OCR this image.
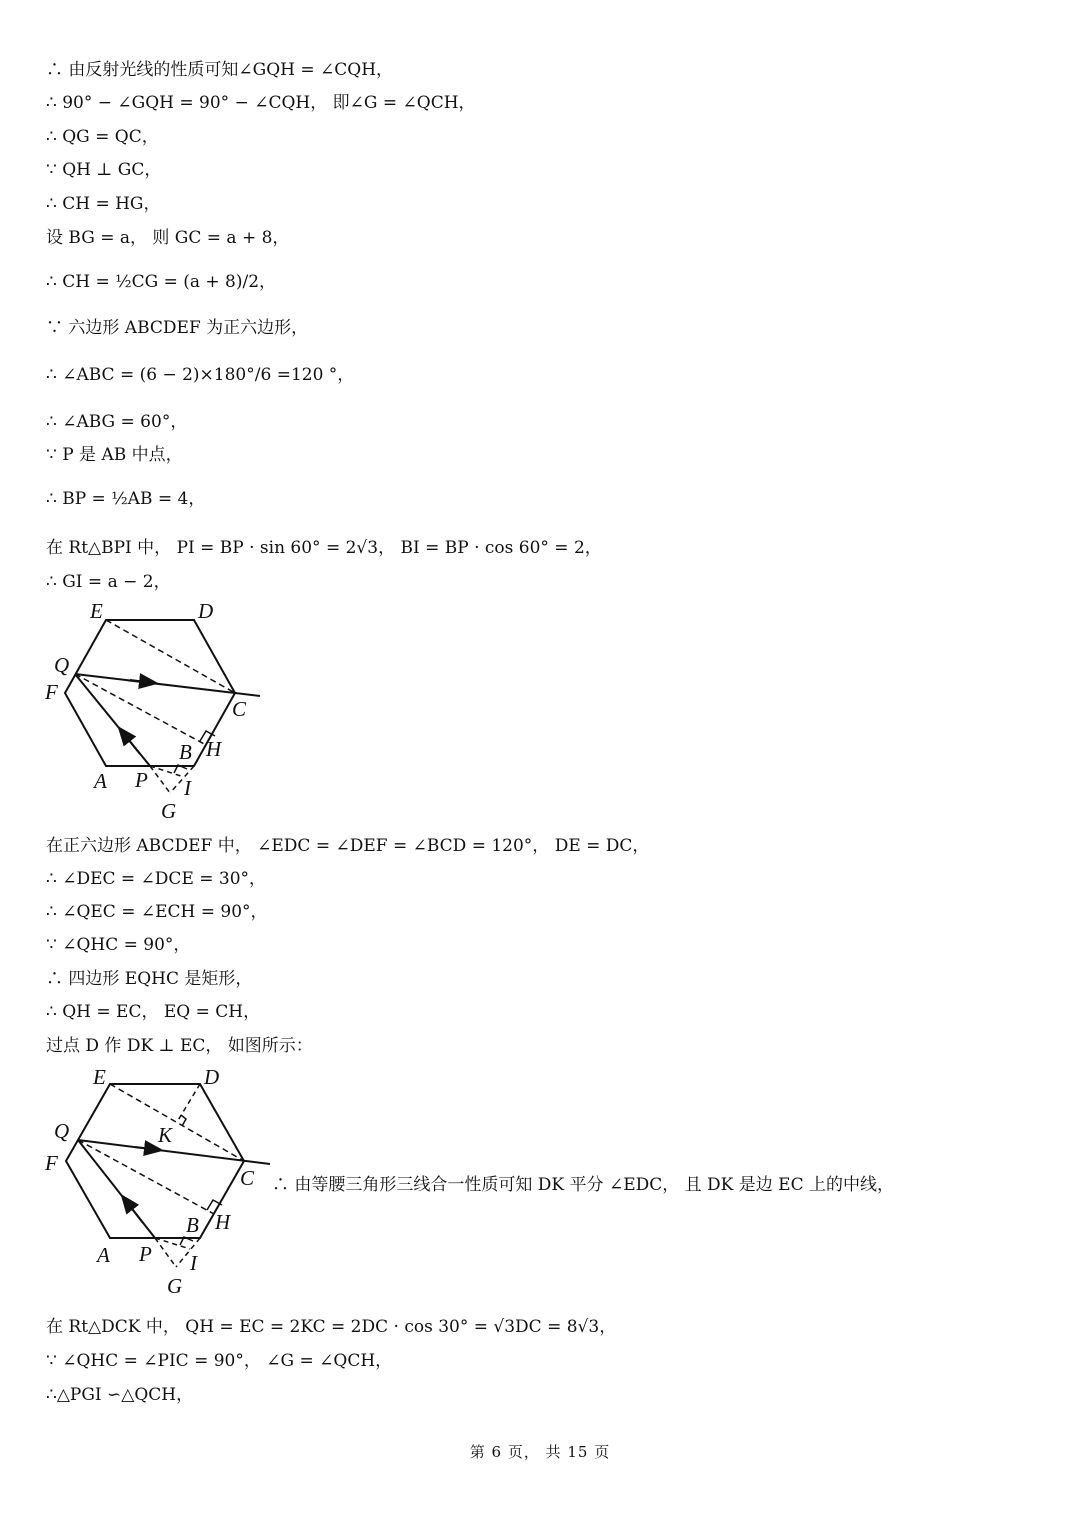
∴ 由反射光线的性质可知∠GQH = ∠CQH，
∴ 90° − ∠GQH = 90° − ∠CQH， 即∠G = ∠QCH，
∴ QG = QC，
∵ QH ⊥ GC，
∴ CH = HG，
设 BG = a， 则 GC = a + 8，
∴ CH = ½CG = (a + 8)/2，
∵ 六边形 ABCDEF 为正六边形，
∴ ∠ABC = (6 − 2)×180°/6 =120 °，
∴ ∠ABG = 60°，
∵ P 是 AB 中点，
∴ BP = ½AB = 4，
在 Rt△BPI 中， PI = BP · sin 60° = 2√3， BI = BP · cos 60° = 2，
∴ GI = a − 2，
E	D
Q
F
C
B H
A P I
G
在正六边形 ABCDEF 中， ∠EDC = ∠DEF = ∠BCD = 120°， DE = DC，
∴ ∠DEC = ∠DCE = 30°，
∴ ∠QEC = ∠ECH = 90°，
∵ ∠QHC = 90°，
∴ 四边形 EQHC 是矩形，
∴ QH = EC， EQ = CH，
过点 D 作 DK ⊥ EC， 如图所示：
E	D
Q	K
F
C
B H
A P I
G
∴ 由等腰三角形三线合一性质可知 DK 平分 ∠EDC， 且 DK 是边 EC 上的中线，
在 Rt△DCK 中， QH = EC = 2KC = 2DC · cos 30° = √3DC = 8√3，
∵ ∠QHC = ∠PIC = 90°， ∠G = ∠QCH，
∴△PGI ∽△QCH，
第 6 页， 共 15 页
